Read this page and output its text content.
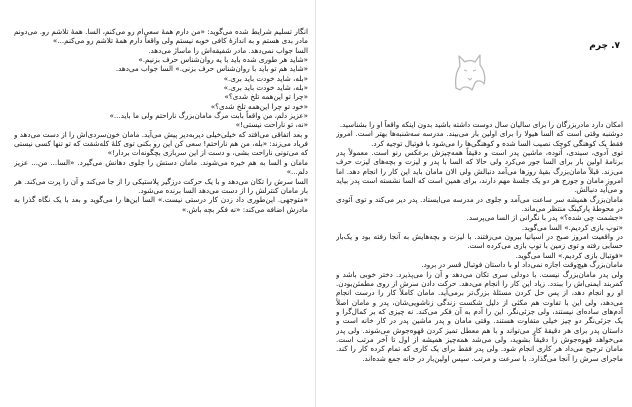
انگار تسلیم شرایط شده می‌گوید: «من دارم همهٔ سعی‌ام رو می‌کنم، السا. همهٔ تلاشم رو. می‌دونم مادر بدی هستم و به اندازهٔ کافی خوبه نیستم ولی واقعاً دارم همهٔ تلاشم رو می‌کنم...»

السا جواب نمی‌دهد. مادر شفیقه‌اش را ماساژ می‌دهد.

«شاید هر طوری شده باید با یه روان‌شناس حرف بزنیم.»

«شاید هم تو باید با روان‌شناس حرف بزنی.» السا جواب می‌دهد.

«بله، شاید خودت باید بری.»

«بله، شاید خودت باید بری.»

«چرا تو این‌همه تلخ شدی؟»

«خود تو چرا این‌همه تلخ شدی؟»

«عزیز دلم، من واقعاً بابت مرگ مامان‌بزرگ ناراحتم ولی ما باید...»

«نه، تو ناراحت نیستی!»

و بعد اتفاقی می‌افتد که خیلی‌خیلی دیر‌به‌دیر پیش می‌آید. مامان خون‌سردی‌اش را از دست می‌دهد و فریاد می‌زند: «بله، من هم ناراحتم! سعی کن این رو بکنی توی کلهٔ کله‌شقت که تو تنها کسی نیستی که می‌تونی ناراحت بشی، و دست از این سربازی بچگونه‌ات بردار!»

مامان و السا به هم خیره می‌شوند. مامان دستش را جلوی دهانش می‌گیرد. «السا... من... عزیز دلم...»

السا سرش را تکان می‌دهد و با یک حرکت درزگیر پلاستیکی را از جا می‌کند و آن را پرت می‌کند. هر بار مامان کنترلش را از دست می‌دهد السا برنده می‌شود.

«متوجهی. این‌طوری داد زدن کار درستی نیست.» السا این‌ها را می‌گوید و بعد با یک نگاه گذرا به مادرش اضافه می‌کند: «نه فکر بچه باش.»

۷. چرم

امکان دارد مادربزرگان را برای سالیان سال دوست داشته باشید بدون اینکه واقعاً او را بشناسید.

دوشنبه وقتی است که السا هیولا را برای اولین بار می‌بیند. مدرسه سه‌شنبه‌ها بهتر است. امروز فقط یک کوهنگی کوچک نصیب السا شده و کوهنگی‌ها را می‌شود با فوتبال توجیه کرد.

توی آدوی، سیندی، آتوده، ماشین پدر است و دقیقاً همه‌چیزش برعکس رنو است. معمولاً پدر برنامهٔ اولین بار برای السا جور می‌کرد ولی حالا که السا با پدر و لیزت و بچه‌های لیزت حرف می‌زند. قبلاً مامان‌بزرگ بقیهٔ روزها می‌آمد دنبالش ولی الان مامان باید این کار را انجام دهد. اما امروز مامان و جورج هر دو یک جلسهٔ مهم دارند، برای همین است که السا نشسته است پدر بیاید و می‌آید دنبالش.

مامان‌بزرگ همیشه سر ساعت می‌آمد و جلوی در مدرسه می‌ایستاد. پدر دیر می‌کند و توی آئودی در محوطهٔ پارکینگ منتظر می‌ماند.

«جشمت چی شده؟» پدر با نگرانی از السا می‌پرسد.

«توپ بازی کردیم.» السا می‌گوید.

در واقعیت امروز صبح در اسپانیا بیرون می‌رفتند. با لیزت و بچه‌هایش به آنجا رفته بود و یک‌بار حسابی رفته و توی زمین با توپ بازی می‌کرده است.

«فوتبال بازی کردیم.» السا می‌گوید.

مامان‌بزرگ هیچ‌وقت اجازه نمی‌داد او با داستان فوتبال قسر در برود.

ولی پدر مامان‌بزرگ نیست. با دودلی سری تکان می‌دهد و آن را می‌پذیرد. دختر خوبی باشد و کمربند ایمنی‌اش را ببندد. زیاد این کار را انجام می‌دهد. حرکت دادن سرش از روی مطمئن‌بودن. او رو انجام دهد، از پس حل کردن مسئلهٔ بزرگ‌تر برمی‌آید. مامان کاملاً کار را درست انجام می‌دهد، ولی این با تفاوت هم مکثی از دلیل شکست زندگی زناشویی‌شان، پدر و مامان اصلاً آدم‌های ساده‌ای نیستند، ولی جزئی‌نگر. این را آدم به آن فکر می‌کند. نه چیزی که بر کمال‌گرا و یک جزئی‌نگر دو چیز خیلی متفاوت هستند. وقتی مامان و پدر ماشین پدر در کار خانه است و داستان پدر برای هر دقیقهٔ کار می‌تواند و با هم معطل تمیز کردن قهوه‌جوش می‌شوند. ولی پدر می‌خواهد قهوه‌جوش را دقیقاً بشوید، ولی می‌شد همه‌چیز همیشه از اول تا آخر مرتب است. مامان ترجیح می‌داد هر کاری انجام شود. ولی پدر فقط برای یک کاری که تمام کرده کار را کند. ماجرای سرش را آنجا می‌گذارد. با سرعت و مرتب. سپس اولین‌بار در خانه جمع شده‌اند.
